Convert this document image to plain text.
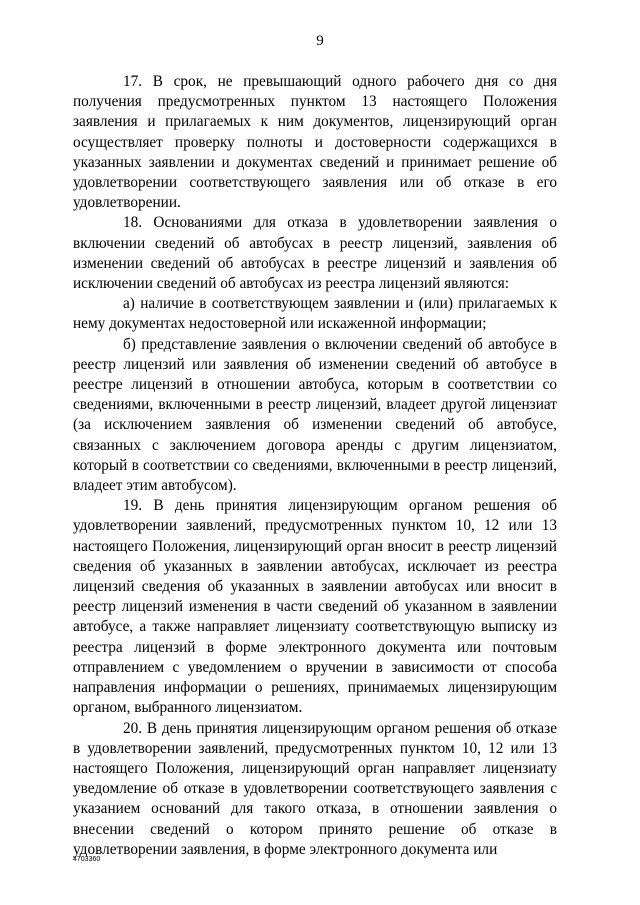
9

17. В срок, не превышающий одного рабочего дня со дня получения предусмотренных пунктом 13 настоящего Положения заявления и прилагаемых к ним документов, лицензирующий орган осуществляет проверку полноты и достоверности содержащихся в указанных заявлении и документах сведений и принимает решение об удовлетворении соответствующего заявления или об отказе в его удовлетворении.

18. Основаниями для отказа в удовлетворении заявления о включении сведений об автобусах в реестр лицензий, заявления об изменении сведений об автобусах в реестре лицензий и заявления об исключении сведений об автобусах из реестра лицензий являются:

а) наличие в соответствующем заявлении и (или) прилагаемых к нему документах недостоверной или искаженной информации;

б) представление заявления о включении сведений об автобусе в реестр лицензий или заявления об изменении сведений об автобусе в реестре лицензий в отношении автобуса, которым в соответствии со сведениями, включенными в реестр лицензий, владеет другой лицензиат (за исключением заявления об изменении сведений об автобусе, связанных с заключением договора аренды с другим лицензиатом, который в соответствии со сведениями, включенными в реестр лицензий, владеет этим автобусом).

19. В день принятия лицензирующим органом решения об удовлетворении заявлений, предусмотренных пунктом 10, 12 или 13 настоящего Положения, лицензирующий орган вносит в реестр лицензий сведения об указанных в заявлении автобусах, исключает из реестра лицензий сведения об указанных в заявлении автобусах или вносит в реестр лицензий изменения в части сведений об указанном в заявлении автобусе, а также направляет лицензиату соответствующую выписку из реестра лицензий в форме электронного документа или почтовым отправлением с уведомлением о вручении в зависимости от способа направления информации о решениях, принимаемых лицензирующим органом, выбранного лицензиатом.

20. В день принятия лицензирующим органом решения об отказе в удовлетворении заявлений, предусмотренных пунктом 10, 12 или 13 настоящего Положения, лицензирующий орган направляет лицензиату уведомление об отказе в удовлетворении соответствующего заявления с указанием оснований для такого отказа, в отношении заявления о внесении сведений о котором принято решение об отказе в удовлетворении заявления, в форме электронного документа или

4703360
